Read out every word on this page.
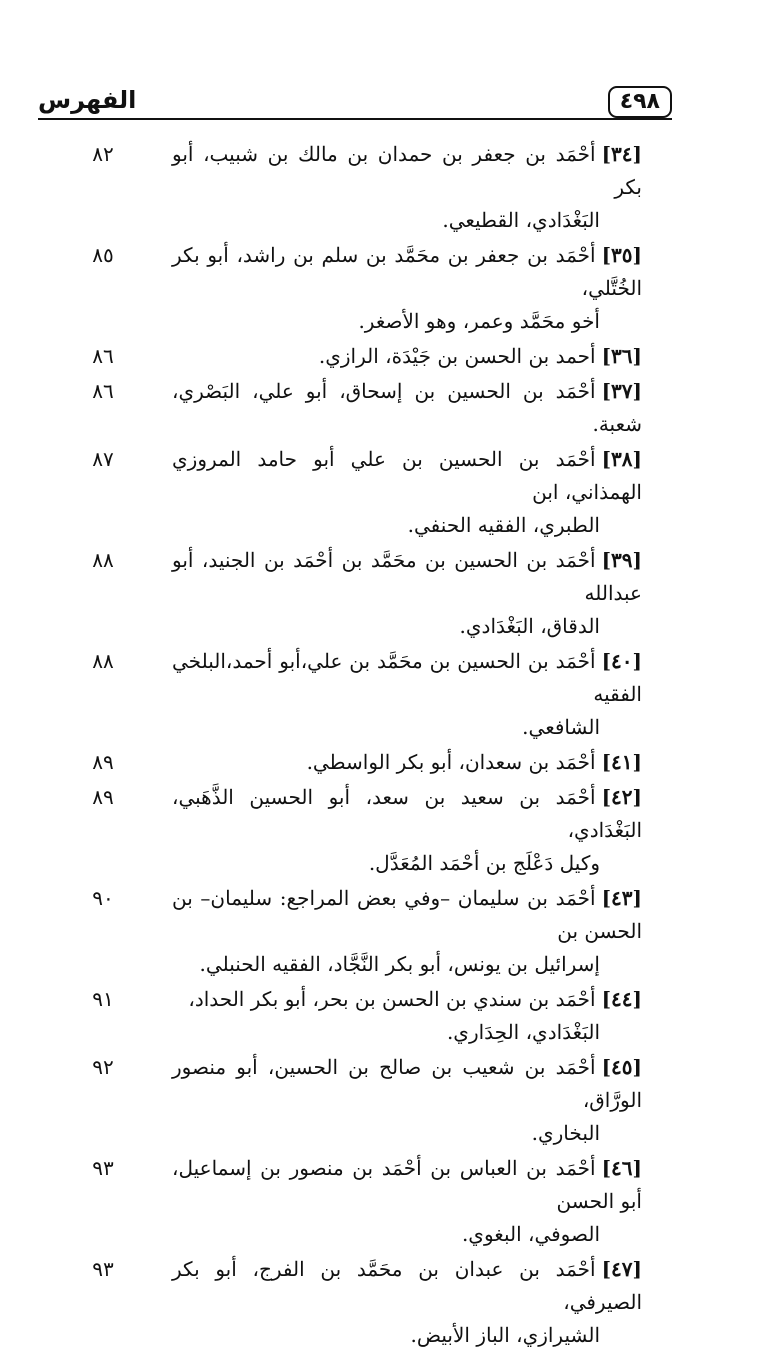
٤٩٨
الفهرس
[٣٤]أحْمَد بن جعفر بن حمدان بن مالك بن شبيب، أبو بكر
البَغْدَادي، القطيعي.
٨٢
[٣٥]أحْمَد بن جعفر بن محَمَّد بن سلم بن راشد، أبو بكر الخُتَّلي،
أخو محَمَّد وعمر، وهو الأصغر.
٨٥
[٣٦]أحمد بن الحسن بن جَيْدَة، الرازي.
٨٦
[٣٧]أحْمَد بن الحسين بن إسحاق، أبو علي، البَصْري، شعبة.
٨٦
[٣٨]أحْمَد بن الحسين بن علي أبو حامد المروزي الهمذاني، ابن
الطبري، الفقيه الحنفي.
٨٧
[٣٩]أحْمَد بن الحسين بن محَمَّد بن أحْمَد بن الجنيد، أبو عبدالله
الدقاق، البَغْدَادي.
٨٨
[٤٠]أحْمَد بن الحسين بن محَمَّد بن علي،أبو أحمد،البلخي الفقيه
الشافعي.
٨٨
[٤١]أحْمَد بن سعدان، أبو بكر الواسطي.
٨٩
[٤٢]أحْمَد بن سعيد بن سعد، أبو الحسين الذَّهَبي، البَغْدَادي،
وكيل دَعْلَج بن أحْمَد المُعَدَّل.
٨٩
[٤٣]أحْمَد بن سليمان –وفي بعض المراجع: سليمان– بن الحسن بن
إسرائيل بن يونس، أبو بكر النَّجَّاد، الفقيه الحنبلي.
٩٠
[٤٤]أحْمَد بن سندي بن الحسن بن بحر، أبو بكر الحداد،
البَغْدَادي، الحِدَاري.
٩١
[٤٥]أحْمَد بن شعيب بن صالح بن الحسين، أبو منصور الورَّاق،
البخاري.
٩٢
[٤٦]أحْمَد بن العباس بن أحْمَد بن منصور بن إسماعيل، أبو الحسن
الصوفي، البغوي.
٩٣
[٤٧]أحْمَد بن عبدان بن محَمَّد بن الفرج، أبو بكر الصيرفي،
الشيرازي، الباز الأبيض.
٩٣
